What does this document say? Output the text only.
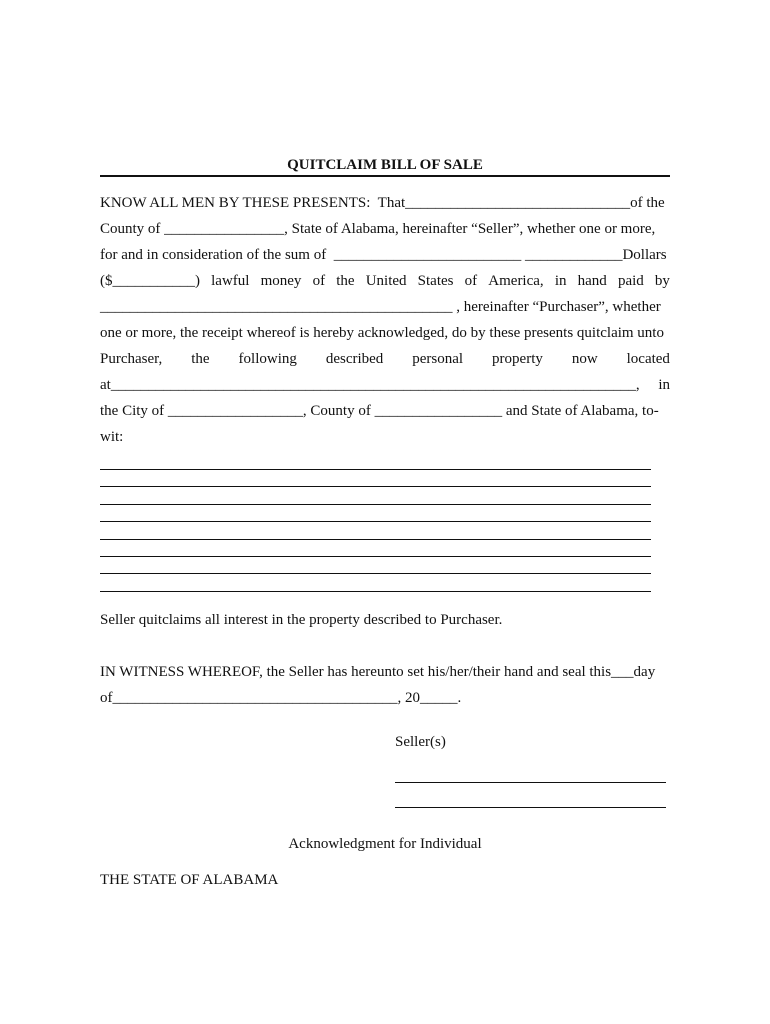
QUITCLAIM BILL OF SALE
KNOW ALL MEN BY THESE PRESENTS:  That______________________________of the
County of ________________, State of Alabama, hereinafter “Seller”, whether one or more,
for and in consideration of the sum of  _________________________ _____________Dollars
($___________) lawful money of the United States of America, in hand paid by
_______________________________________________ , hereinafter “Purchaser”, whether
one or more, the receipt whereof is hereby acknowledged, do by these presents quitclaim unto
Purchaser, the following described personal property now located
at______________________________________________________________________, in
the City of __________________, County of _________________ and State of Alabama, to-
wit:
Seller quitclaims all interest in the property described to Purchaser.
IN WITNESS WHEREOF, the Seller has hereunto set his/her/their hand and seal this___day
of______________________________________, 20_____.
Seller(s)
Acknowledgment for Individual
THE STATE OF ALABAMA
